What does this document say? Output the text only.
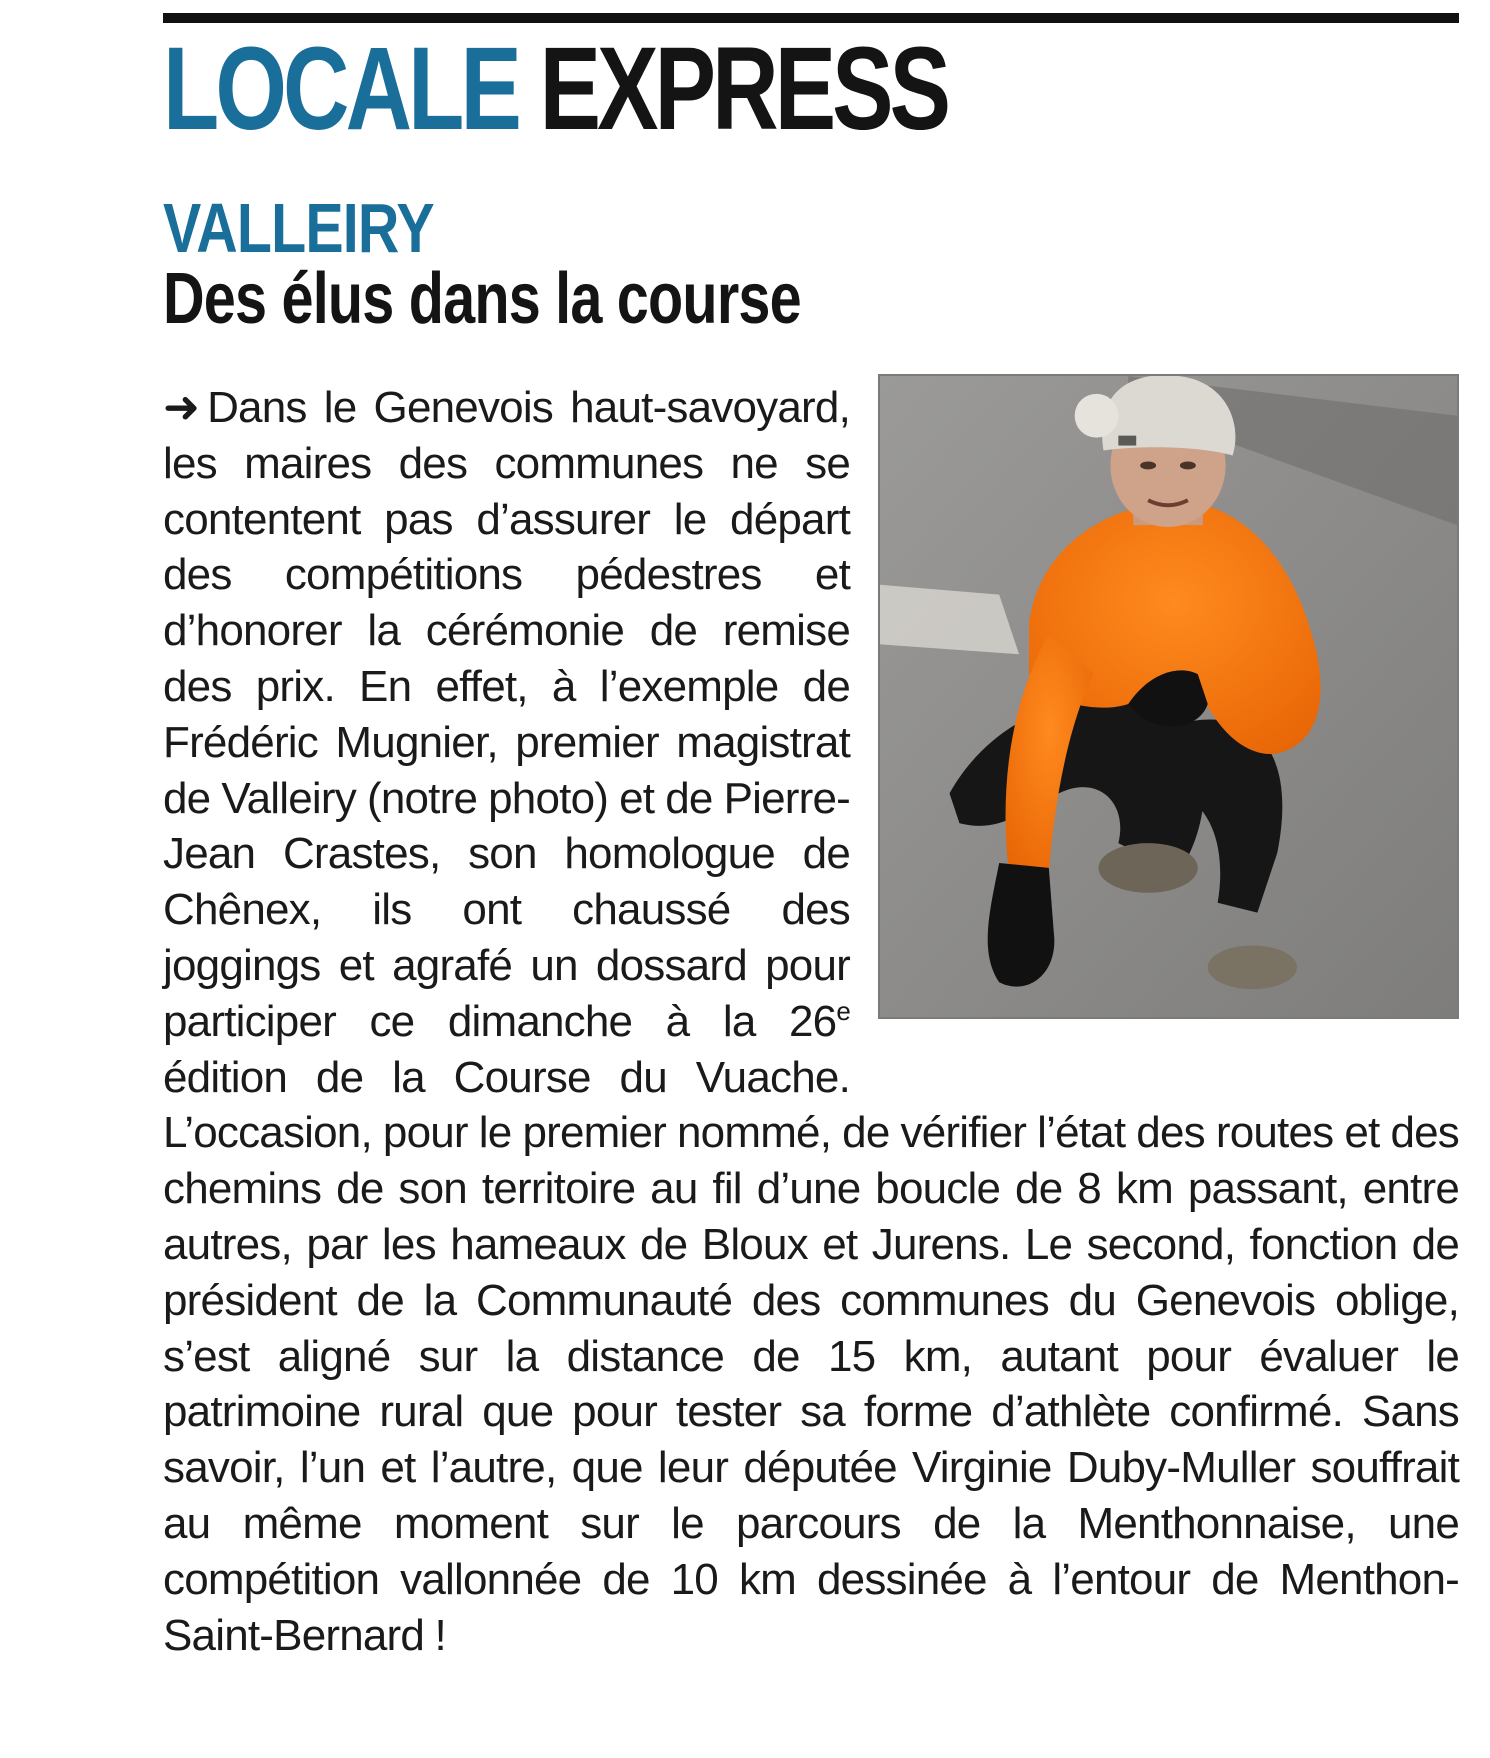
LOCALE EXPRESS
VALLEIRY
Des élus dans la course
➜ Dans le Genevois haut-savoyard, les maires des communes ne se contentent pas d’assurer le départ des compétitions pédestres et d’honorer la cérémonie de remise des prix. En effet, à l’exemple de Frédéric Mugnier, premier magistrat de Valleiry (notre photo) et de Pierre-Jean Crastes, son homologue de Chênex, ils ont chaussé des joggings et agrafé un dossard pour participer ce dimanche à la 26e édition de la Course du Vuache. L’occasion, pour le premier nommé, de vérifier l’état des routes et des chemins de son territoire au fil d’une boucle de 8 km passant, entre autres, par les hameaux de Bloux et Jurens. Le second, fonction de président de la Communauté des communes du Genevois oblige, s’est aligné sur la distance de 15 km, autant pour évaluer le patrimoine rural que pour tester sa forme d’athlète confirmé. Sans savoir, l’un et l’autre, que leur députée Virginie Duby-Muller souffrait au même moment sur le parcours de la Menthonnaise, une compétition vallonnée de 10 km dessinée à l’entour de Menthon-Saint-Bernard !
